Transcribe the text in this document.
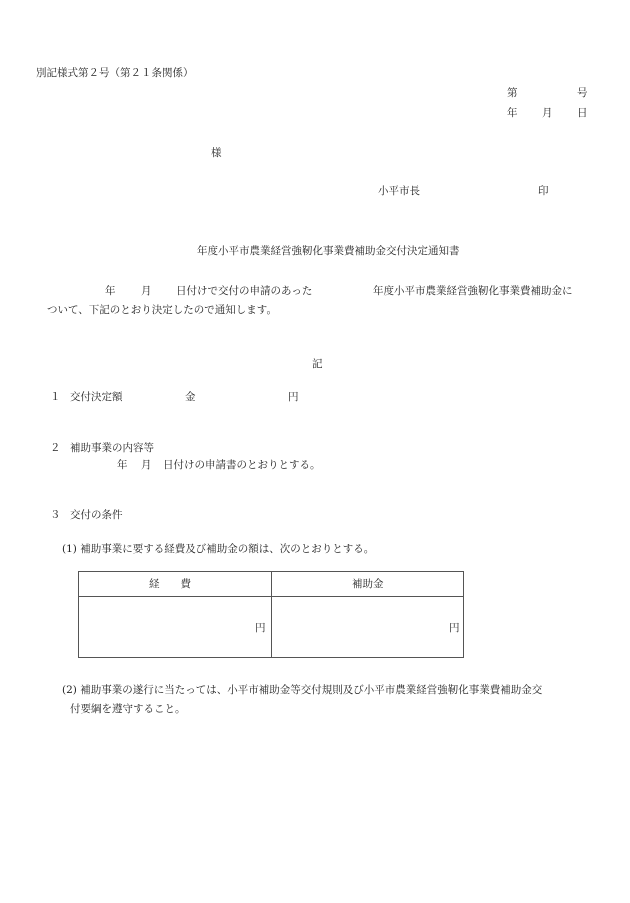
別記様式第２号（第２１条関係）
第	号
年 月 日
様
小平市長	印
年度小平市農業経営強靭化事業費補助金交付決定通知書
年 月 日付けで交付の申請のあった	年度小平市農業経営強靭化事業費補助金に
ついて、下記のとおり決定したので通知します。
記
１ 交付決定額	金	円
２ 補助事業の内容等
年 月 日付けの申請書のとおりとする。
３ 交付の条件
(1) 補助事業に要する経費及び補助金の額は、次のとおりとする。
経　　費	補助金
円	円
(2) 補助事業の遂行に当たっては、小平市補助金等交付規則及び小平市農業経営強靭化事業費補助金交
付要綱を遵守すること。
